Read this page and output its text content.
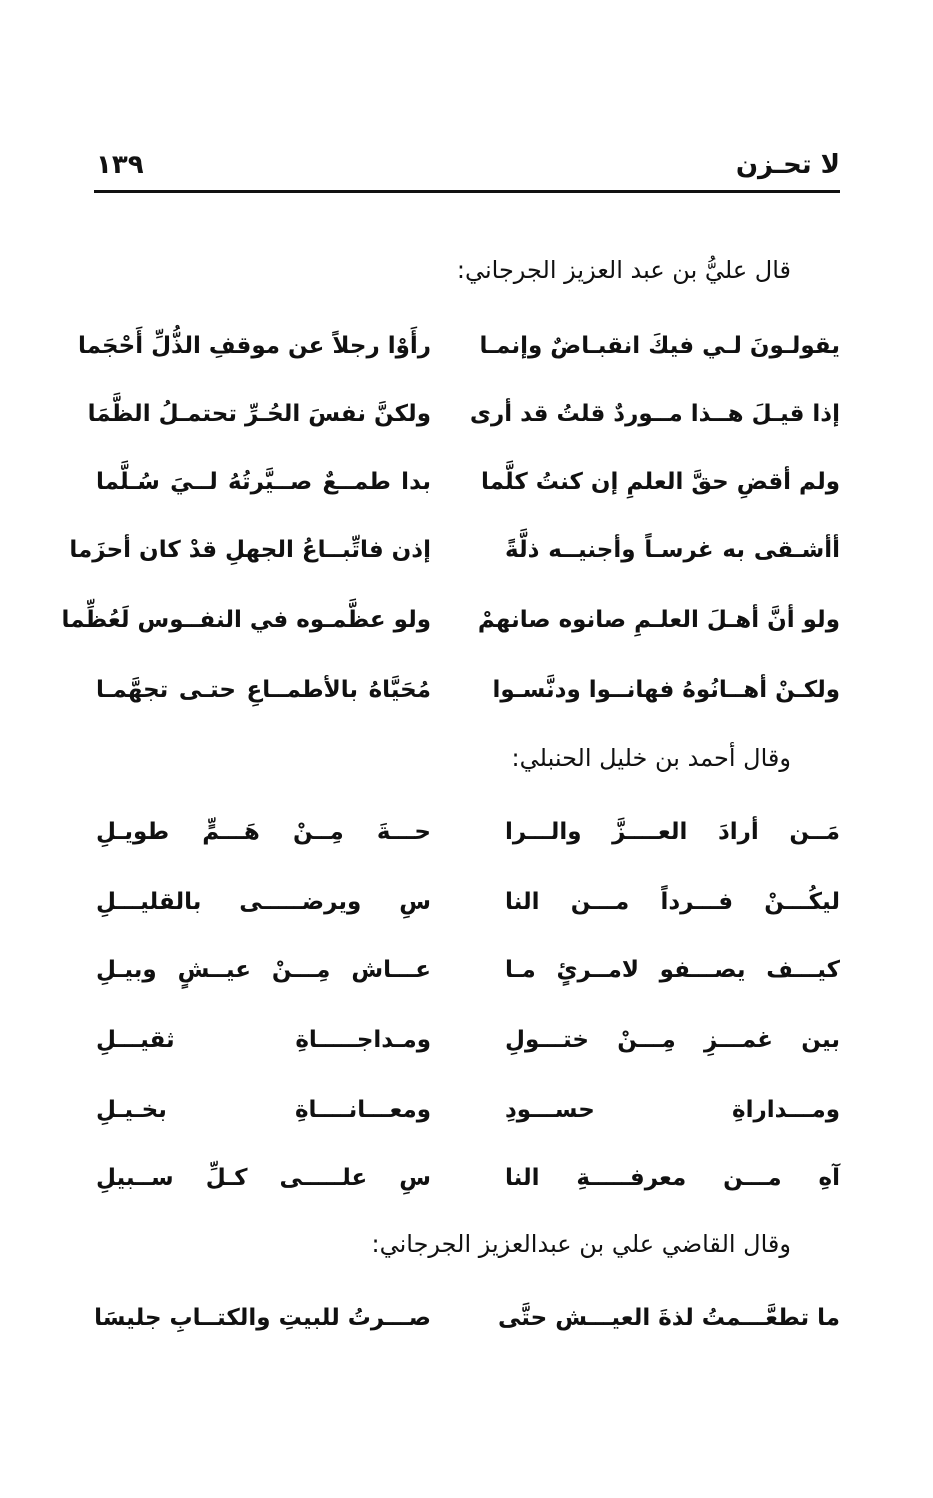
لا تحـزن
١٣٩
قال عليُّ بن عبد العزيز الجرجاني:
يقولـونَ لـي فيكَ انقبـاضٌ وإنمـا
رأَوْا رجلاً عن موقفِ الذُّلِّ أَحْجَما
إذا قيـلَ هــذا مــوردٌ قلتُ قد أرى
ولكنَّ نفسَ الحُـرِّ تحتمـلُ الظَّمَا
ولم أقضِ حقَّ العلمِ إن كنتُ كلَّما
بدا طمــعٌ صــيَّرتُهُ لــيَ سُـلَّما
أأشـقى به غرسـاً وأجنيــه ذلَّةً
إذن فاتِّبــاعُ الجهلِ قدْ كان أحزَما
ولو أنَّ أهـلَ العلـمِ صانوه صانهمْ
ولو عظَّمـوه في النفــوس لَعُظِّما
ولكـنْ أهــانُوهُ فهانــوا ودنَّسـوا
مُحَيَّاهُ بالأطمــاعِ حتـى تجهَّمـا
وقال أحمد بن خليل الحنبلي:
مَــن أرادَ العــــزَّ والـــرا
حـــةَ مِــنْ هَـــمٍّ طويـلِ
ليكُـــنْ فـــرداً مـــن النا
سِ ويرضـــــى بالقليـــلِ
كيـــف يصـــفو لامــرئٍ مـا
عـــاش مِـــنْ عيــشٍ وبيـلِ
بين غمـــزِ مِـــنْ ختـــولِ
ومـداجـــــاةِ ثقيـــلِ
ومـــداراةِ حســـودِ
ومعـــانــــاةِ بخـيـلِ
آهِ مـــن معرفـــــةِ النا
سِ علـــــى كـلِّ ســبيلِ
وقال القاضي علي بن عبدالعزيز الجرجاني:
ما تطعَّـــمتُ لذةَ العيـــش حتَّى
صـــرتُ للبيتِ والكتــابِ جليسَا
